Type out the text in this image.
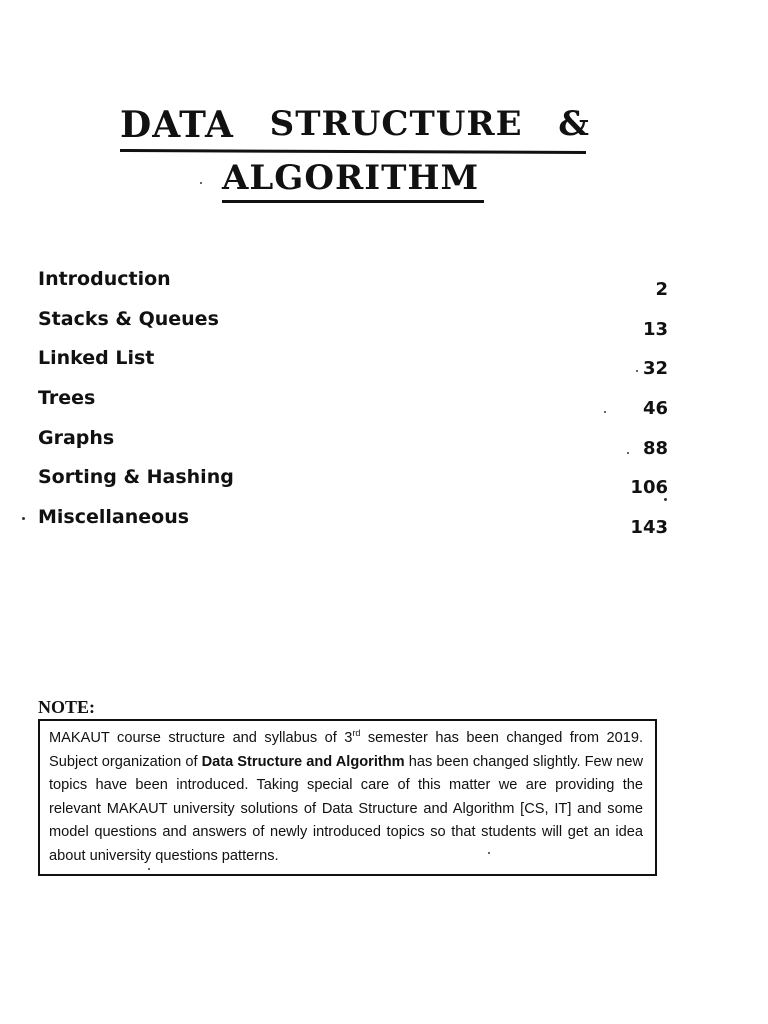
DATA STRUCTURE &
ALGORITHM
Introduction	2
Stacks & Queues	13
Linked List	32
Trees	46
Graphs	88
Sorting & Hashing	106
Miscellaneous	143
NOTE:
MAKAUT course structure and syllabus of 3rd semester has been changed from 2019. Subject organization of Data Structure and Algorithm has been changed slightly. Few new topics have been introduced. Taking special care of this matter we are providing the relevant MAKAUT university solutions of Data Structure and Algorithm [CS, IT] and some model questions and answers of newly introduced topics so that students will get an idea about university questions patterns.
